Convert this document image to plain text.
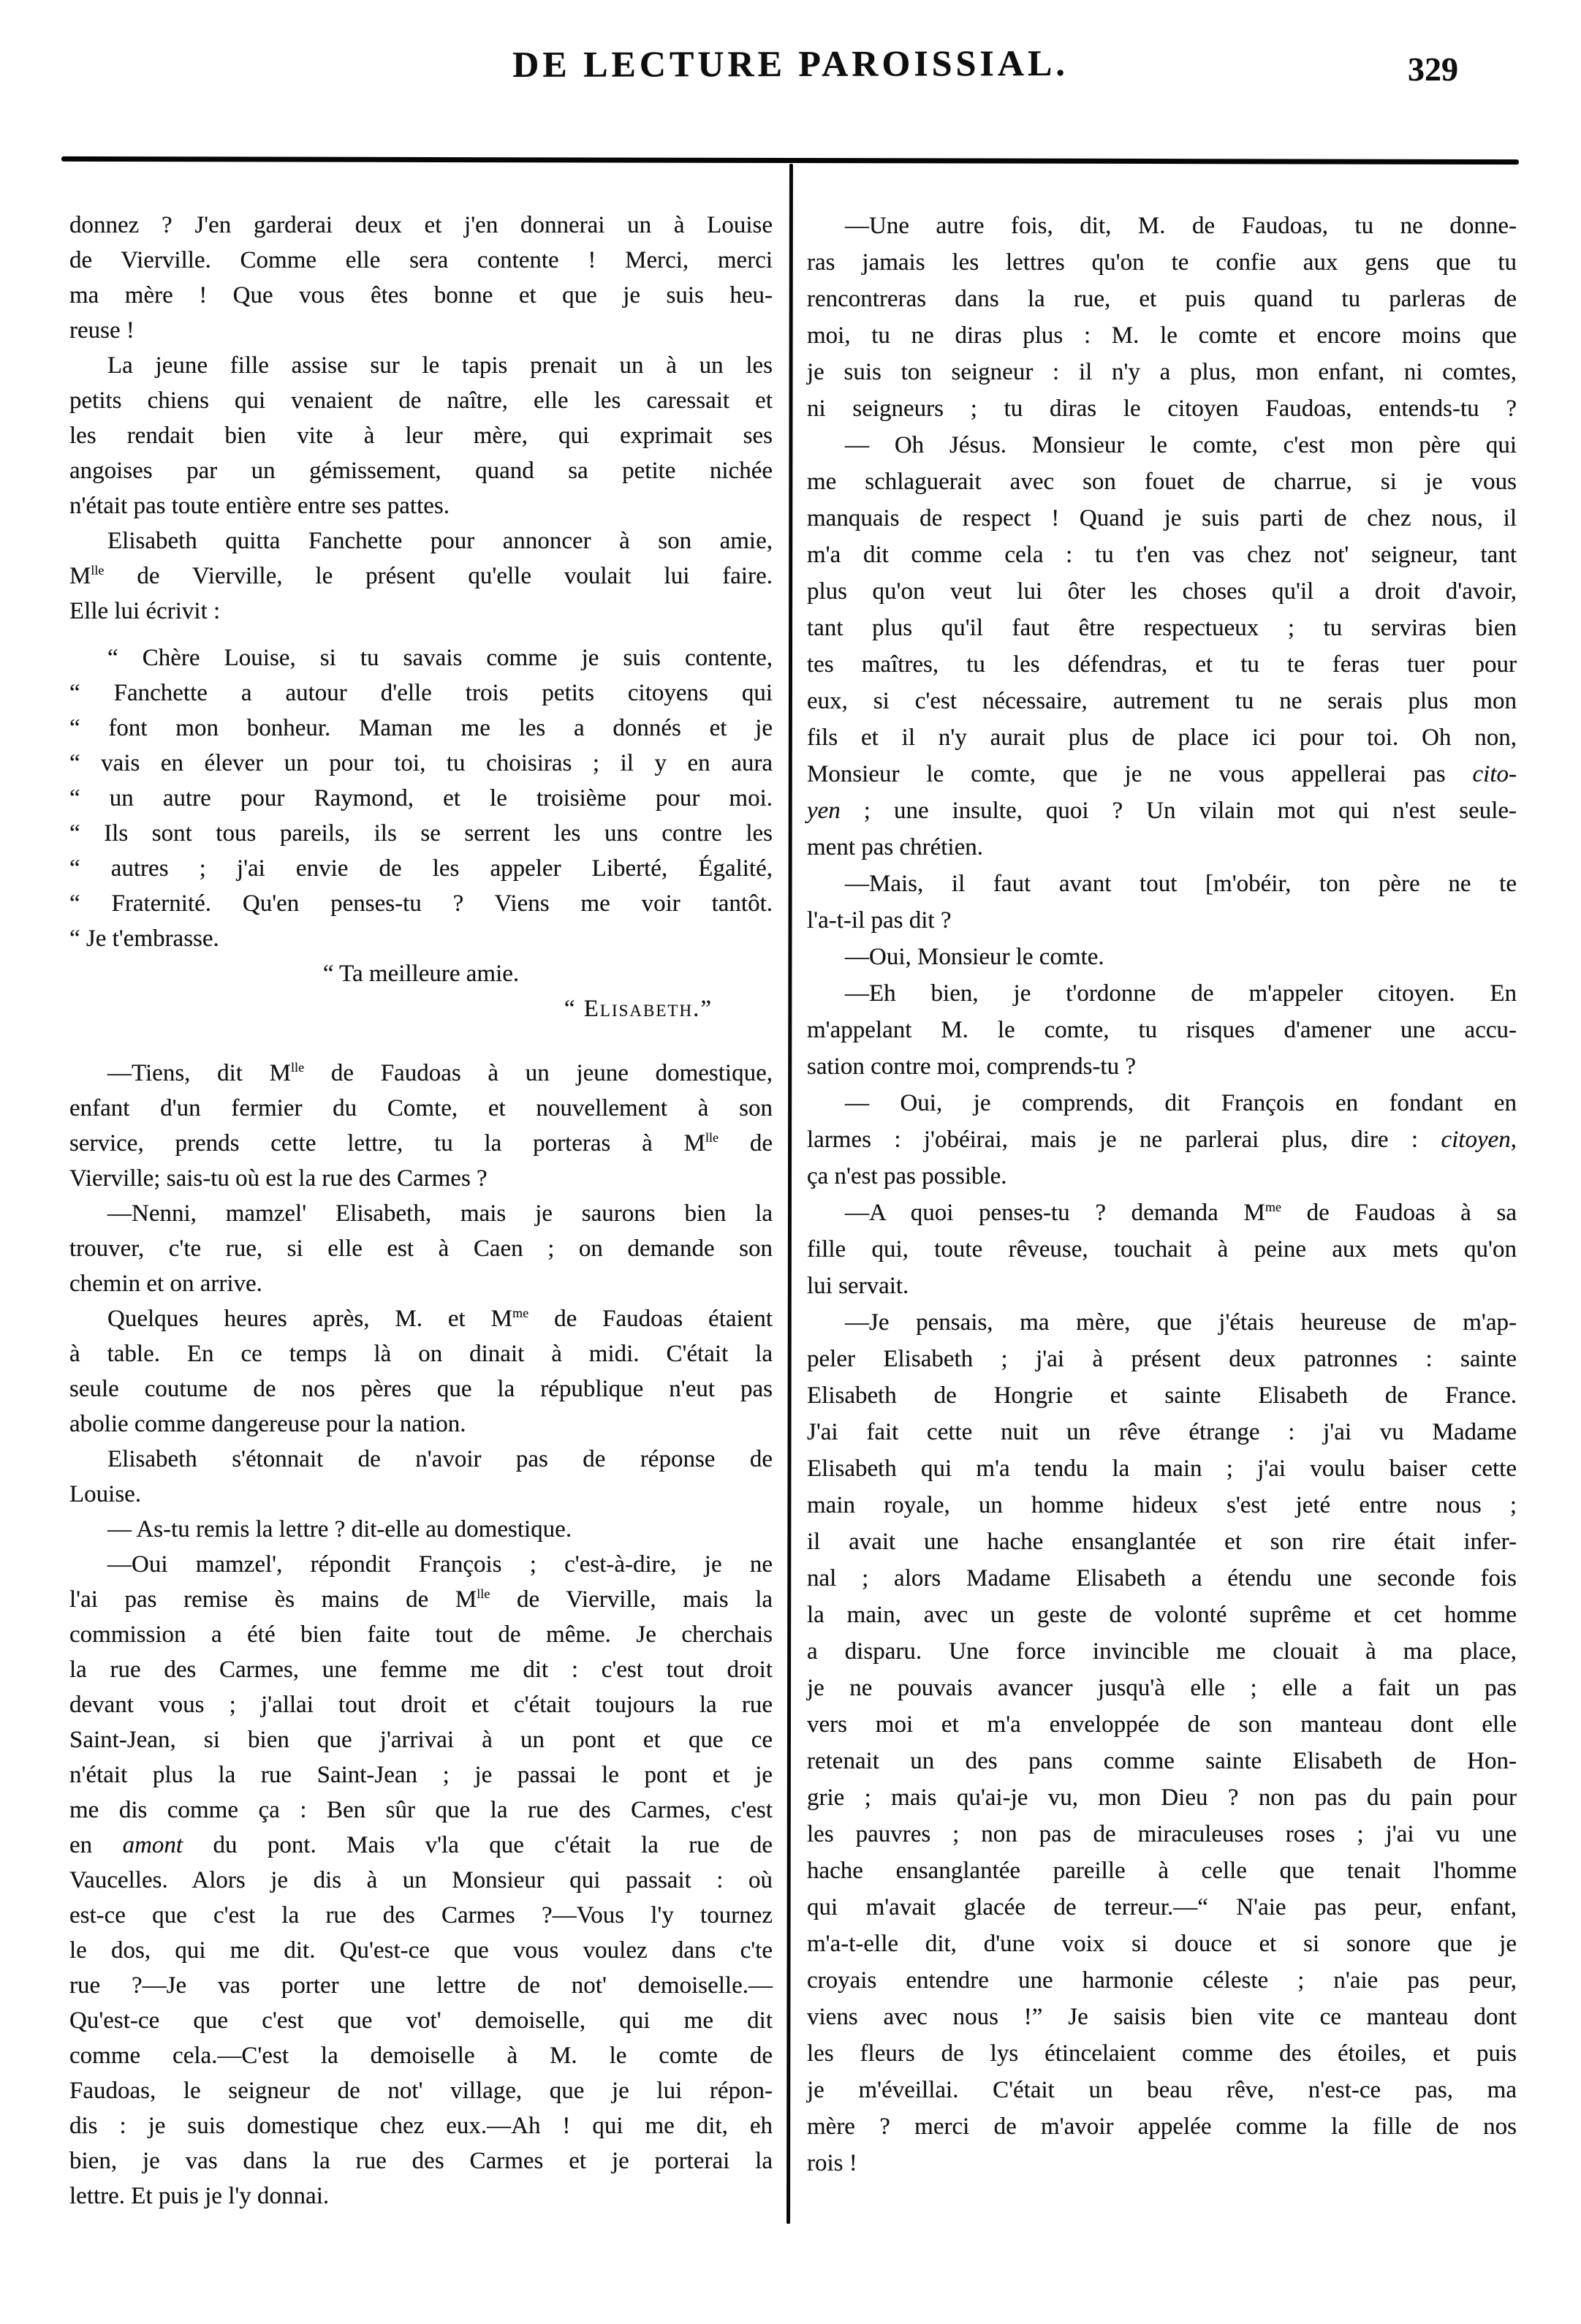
DE LECTURE PAROISSIAL.	329
donnez ? J'en garderai deux et j'en donnerai un à Louise
de Vierville. Comme elle sera contente ! Merci, merci
ma mère ! Que vous êtes bonne et que je suis heu-
reuse !
La jeune fille assise sur le tapis prenait un à un les
petits chiens qui venaient de naître, elle les caressait et
les rendait bien vite à leur mère, qui exprimait ses
angoises par un gémissement, quand sa petite nichée
n'était pas toute entière entre ses pattes.
Elisabeth quitta Fanchette pour annoncer à son amie,
$M^{lle}$ de Vierville, le présent qu'elle voulait lui faire.
Elle lui écrivit :
“ Chère Louise, si tu savais comme je suis contente,
“ Fanchette a autour d'elle trois petits citoyens qui
“ font mon bonheur. Maman me les a donnés et je
“ vais en élever un pour toi, tu choisiras ; il y en aura
“ un autre pour Raymond, et le troisième pour moi.
“ Ils sont tous pareils, ils se serrent les uns contre les
“ autres ; j'ai envie de les appeler Liberté, Égalité,
“ Fraternité. Qu'en penses-tu ? Viens me voir tantôt.
“ Je t'embrasse.
“ Ta meilleure amie.
“ Elisabeth.”
—Tiens, dit $M^{lle}$ de Faudoas à un jeune domestique,
enfant d'un fermier du Comte, et nouvellement à son
service, prends cette lettre, tu la porteras à $M^{lle}$ de
Vierville; sais-tu où est la rue des Carmes ?
—Nenni, mamzel' Elisabeth, mais je saurons bien la
trouver, c'te rue, si elle est à Caen ; on demande son
chemin et on arrive.
Quelques heures après, M. et $M^{me}$ de Faudoas étaient
à table. En ce temps là on dinait à midi. C'était la
seule coutume de nos pères que la république n'eut pas
abolie comme dangereuse pour la nation.
Elisabeth s'étonnait de n'avoir pas de réponse de
Louise.
— As-tu remis la lettre ? dit-elle au domestique.
—Oui mamzel', répondit François ; c'est-à-dire, je ne
l'ai pas remise ès mains de $M^{lle}$ de Vierville, mais la
commission a été bien faite tout de même. Je cherchais
la rue des Carmes, une femme me dit : c'est tout droit
devant vous ; j'allai tout droit et c'était toujours la rue
Saint-Jean, si bien que j'arrivai à un pont et que ce
n'était plus la rue Saint-Jean ; je passai le pont et je
me dis comme ça : Ben sûr que la rue des Carmes, c'est
en amont du pont. Mais v'la que c'était la rue de
Vaucelles. Alors je dis à un Monsieur qui passait : où
est-ce que c'est la rue des Carmes ?—Vous l'y tournez
le dos, qui me dit. Qu'est-ce que vous voulez dans c'te
rue ?—Je vas porter une lettre de not' demoiselle.—
Qu'est-ce que c'est que vot' demoiselle, qui me dit
comme cela.—C'est la demoiselle à M. le comte de
Faudoas, le seigneur de not' village, que je lui répon-
dis : je suis domestique chez eux.—Ah ! qui me dit, eh
bien, je vas dans la rue des Carmes et je porterai la
lettre. Et puis je l'y donnai.
—Une autre fois, dit, M. de Faudoas, tu ne donne-
ras jamais les lettres qu'on te confie aux gens que tu
rencontreras dans la rue, et puis quand tu parleras de
moi, tu ne diras plus : M. le comte et encore moins que
je suis ton seigneur : il n'y a plus, mon enfant, ni comtes,
ni seigneurs ; tu diras le citoyen Faudoas, entends-tu ?
— Oh Jésus. Monsieur le comte, c'est mon père qui
me schlaguerait avec son fouet de charrue, si je vous
manquais de respect ! Quand je suis parti de chez nous, il
m'a dit comme cela : tu t'en vas chez not' seigneur, tant
plus qu'on veut lui ôter les choses qu'il a droit d'avoir,
tant plus qu'il faut être respectueux ; tu serviras bien
tes maîtres, tu les défendras, et tu te feras tuer pour
eux, si c'est nécessaire, autrement tu ne serais plus mon
fils et il n'y aurait plus de place ici pour toi. Oh non,
Monsieur le comte, que je ne vous appellerai pas cito-
yen ; une insulte, quoi ? Un vilain mot qui n'est seule-
ment pas chrétien.
—Mais, il faut avant tout [m'obéir, ton père ne te
l'a-t-il pas dit ?
—Oui, Monsieur le comte.
—Eh bien, je t'ordonne de m'appeler citoyen. En
m'appelant M. le comte, tu risques d'amener une accu-
sation contre moi, comprends-tu ?
— Oui, je comprends, dit François en fondant en
larmes : j'obéirai, mais je ne parlerai plus, dire : citoyen,
ça n'est pas possible.
—A quoi penses-tu ? demanda $M^{me}$ de Faudoas à sa
fille qui, toute rêveuse, touchait à peine aux mets qu'on
lui servait.
—Je pensais, ma mère, que j'étais heureuse de m'ap-
peler Elisabeth ; j'ai à présent deux patronnes : sainte
Elisabeth de Hongrie et sainte Elisabeth de France.
J'ai fait cette nuit un rêve étrange : j'ai vu Madame
Elisabeth qui m'a tendu la main ; j'ai voulu baiser cette
main royale, un homme hideux s'est jeté entre nous ;
il avait une hache ensanglantée et son rire était infer-
nal ; alors Madame Elisabeth a étendu une seconde fois
la main, avec un geste de volonté suprême et cet homme
a disparu. Une force invincible me clouait à ma place,
je ne pouvais avancer jusqu'à elle ; elle a fait un pas
vers moi et m'a enveloppée de son manteau dont elle
retenait un des pans comme sainte Elisabeth de Hon-
grie ; mais qu'ai-je vu, mon Dieu ? non pas du pain pour
les pauvres ; non pas de miraculeuses roses ; j'ai vu une
hache ensanglantée pareille à celle que tenait l'homme
qui m'avait glacée de terreur.—“ N'aie pas peur, enfant,
m'a-t-elle dit, d'une voix si douce et si sonore que je
croyais entendre une harmonie céleste ; n'aie pas peur,
viens avec nous !” Je saisis bien vite ce manteau dont
les fleurs de lys étincelaient comme des étoiles, et puis
je m'éveillai. C'était un beau rêve, n'est-ce pas, ma
mère ? merci de m'avoir appelée comme la fille de nos
rois !
